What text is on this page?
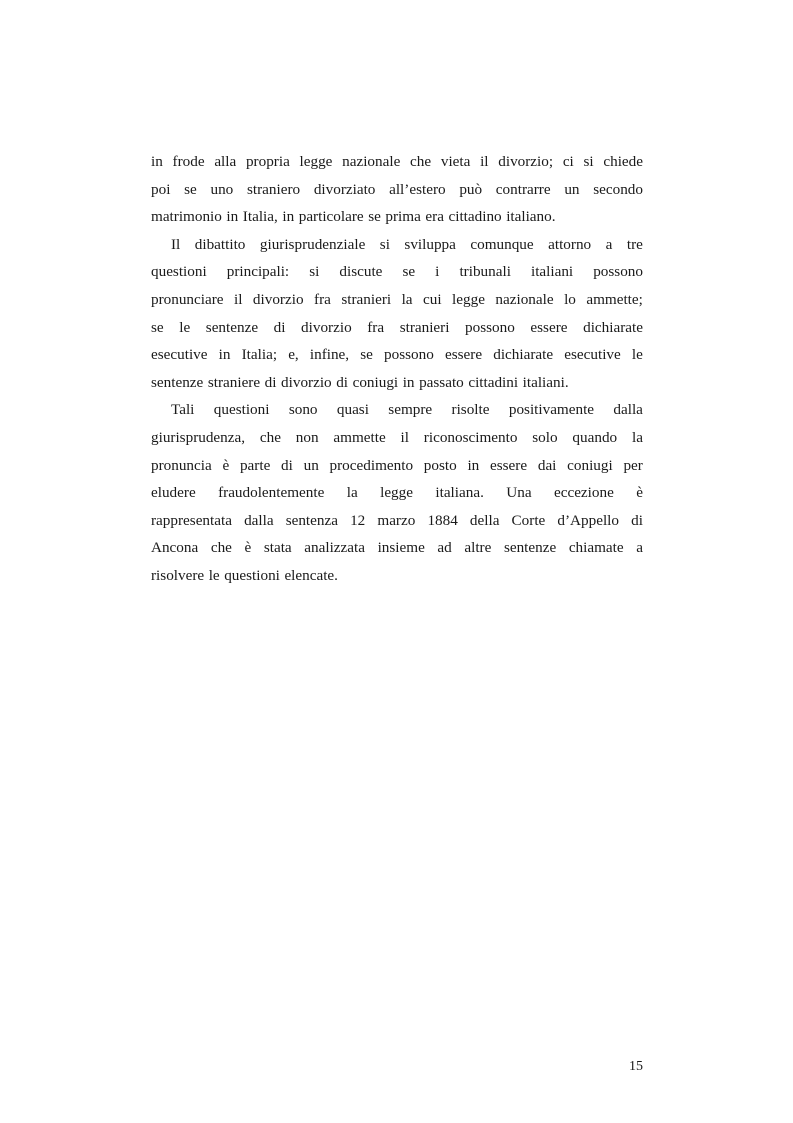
in frode alla propria legge nazionale che vieta il divorzio; ci si chiede
poi se uno straniero divorziato all’estero può contrarre un secondo
matrimonio in Italia, in particolare se prima era cittadino italiano.
Il dibattito giurisprudenziale si sviluppa comunque attorno a tre
questioni principali: si discute se i tribunali italiani possono
pronunciare il divorzio fra stranieri la cui legge nazionale lo ammette;
se le sentenze di divorzio fra stranieri possono essere dichiarate
esecutive in Italia; e, infine, se possono essere dichiarate esecutive le
sentenze straniere di divorzio di coniugi in passato cittadini italiani.
Tali questioni sono quasi sempre risolte positivamente dalla
giurisprudenza, che non ammette il riconoscimento solo quando la
pronuncia è parte di un procedimento posto in essere dai coniugi per
eludere fraudolentemente la legge italiana. Una eccezione è
rappresentata dalla sentenza 12 marzo 1884 della Corte d’Appello di
Ancona che è stata analizzata insieme ad altre sentenze chiamate a
risolvere le questioni elencate.
15
